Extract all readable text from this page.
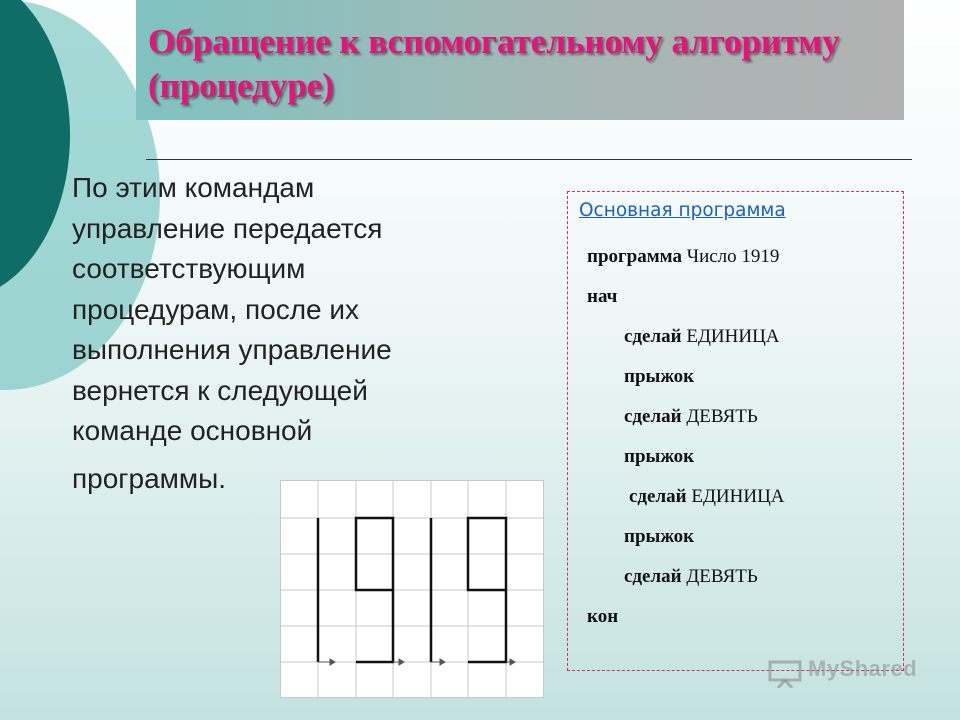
Обращение к вспомогательному алгоритму (процедуре)
По этим командам
управление передается
соответствующим
процедурам, после их
выполнения управление
вернется к следующей
команде основной
программы.

Основная программа

программа Число 1919
нач
сделай ЕДИНИЦА
прыжок
сделай ДЕВЯТЬ
прыжок
сделай ЕДИНИЦА
прыжок
сделай ДЕВЯТЬ
кон
MyShared
